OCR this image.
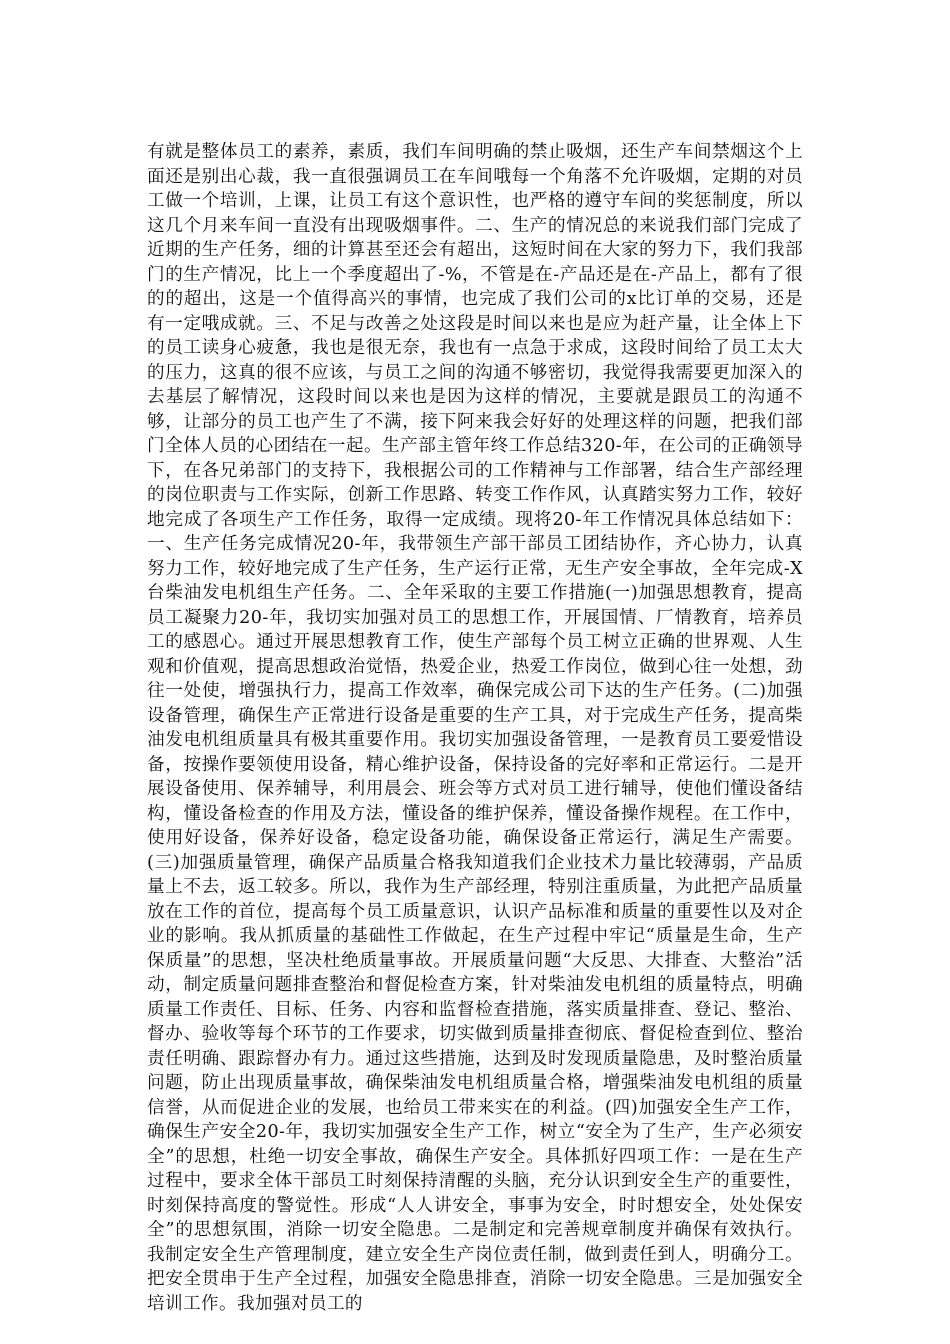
有就是整体员工的素养，素质，我们车间明确的禁止吸烟，还生产车间禁烟这个上面还是别出心裁，我一直很强调员工在车间哦每一个角落不允许吸烟，定期的对员工做一个培训，上课，让员工有这个意识性，也严格的遵守车间的奖惩制度，所以这几个月来车间一直没有出现吸烟事件。二、生产的情况总的来说我们部门完成了近期的生产任务，细的计算甚至还会有超出，这短时间在大家的努力下，我们我部门的生产情况，比上一个季度超出了-%，不管是在-产品还是在-产品上，都有了很的的超出，这是一个值得高兴的事情，也完成了我们公司的x比订单的交易，还是有一定哦成就。三、不足与改善之处这段是时间以来也是应为赶产量，让全体上下的员工读身心疲惫，我也是很无奈，我也有一点急于求成，这段时间给了员工太大的压力，这真的很不应该，与员工之间的沟通不够密切，我觉得我需要更加深入的去基层了解情况，这段时间以来也是因为这样的情况，主要就是跟员工的沟通不够，让部分的员工也产生了不满，接下阿来我会好好的处理这样的问题，把我们部门全体人员的心团结在一起。生产部主管年终工作总结320-年，在公司的正确领导下，在各兄弟部门的支持下，我根据公司的工作精神与工作部署，结合生产部经理的岗位职责与工作实际，创新工作思路、转变工作作风，认真踏实努力工作，较好地完成了各项生产工作任务，取得一定成绩。现将20-年工作情况具体总结如下：一、生产任务完成情况20-年，我带领生产部干部员工团结协作，齐心协力，认真努力工作，较好地完成了生产任务，生产运行正常，无生产安全事故，全年完成-X台柴油发电机组生产任务。二、全年采取的主要工作措施(一)加强思想教育，提高员工凝聚力20-年，我切实加强对员工的思想工作，开展国情、厂情教育，培养员工的感恩心。通过开展思想教育工作，使生产部每个员工树立正确的世界观、人生观和价值观，提高思想政治觉悟，热爱企业，热爱工作岗位，做到心往一处想，劲往一处使，增强执行力，提高工作效率，确保完成公司下达的生产任务。(二)加强设备管理，确保生产正常进行设备是重要的生产工具，对于完成生产任务，提高柴油发电机组质量具有极其重要作用。我切实加强设备管理，一是教育员工要爱惜设备，按操作要领使用设备，精心维护设备，保持设备的完好率和正常运行。二是开展设备使用、保养辅导，利用晨会、班会等方式对员工进行辅导，使他们懂设备结构，懂设备检查的作用及方法，懂设备的维护保养，懂设备操作规程。在工作中，使用好设备，保养好设备，稳定设备功能，确保设备正常运行，满足生产需要。(三)加强质量管理，确保产品质量合格我知道我们企业技术力量比较薄弱，产品质量上不去，返工较多。所以，我作为生产部经理，特别注重质量，为此把产品质量放在工作的首位，提高每个员工质量意识，认识产品标准和质量的重要性以及对企业的影响。我从抓质量的基础性工作做起，在生产过程中牢记“质量是生命，生产保质量”的思想，坚决杜绝质量事故。开展质量问题“大反思、大排查、大整治”活动，制定质量问题排查整治和督促检查方案，针对柴油发电机组的质量特点，明确质量工作责任、目标、任务、内容和监督检查措施，落实质量排查、登记、整治、督办、验收等每个环节的工作要求，切实做到质量排查彻底、督促检查到位、整治责任明确、跟踪督办有力。通过这些措施，达到及时发现质量隐患，及时整治质量问题，防止出现质量事故，确保柴油发电机组质量合格，增强柴油发电机组的质量信誉，从而促进企业的发展，也给员工带来实在的利益。(四)加强安全生产工作，确保生产安全20-年，我切实加强安全生产工作，树立“安全为了生产，生产必须安全”的思想，杜绝一切安全事故，确保生产安全。具体抓好四项工作：一是在生产过程中，要求全体干部员工时刻保持清醒的头脑，充分认识到安全生产的重要性，时刻保持高度的警觉性。形成“人人讲安全，事事为安全，时时想安全，处处保安全”的思想氛围，消除一切安全隐患。二是制定和完善规章制度并确保有效执行。我制定安全生产管理制度，建立安全生产岗位责任制，做到责任到人，明确分工。把安全贯串于生产全过程，加强安全隐患排查，消除一切安全隐患。三是加强安全培训工作。我加强对员工的
